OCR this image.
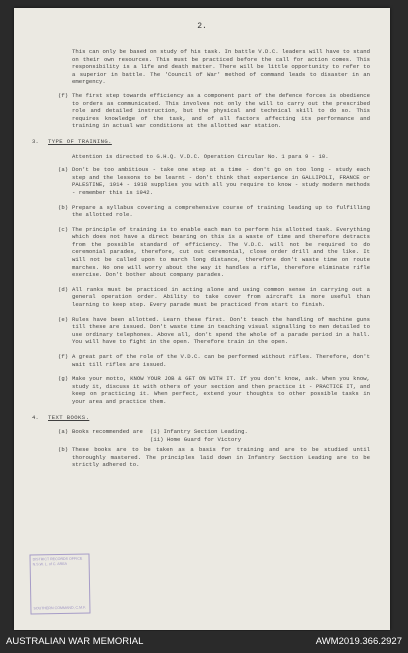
2.
This can only be based on study of his task. In battle V.D.C. leaders will have to stand on their own resources. This must be practiced before the call for action comes. This responsibility is a life and death matter. There will be little opportunity to refer to a superior in battle. The 'Council of War' method of command leads to disaster in an emergency.
(f) The first step towards efficiency as a component part of the defence forces is obedience to orders as communicated. This involves not only the will to carry out the prescribed role and detailed instruction, but the physical and technical skill to do so. This requires knowledge of the task, and of all factors affecting its performance and training in actual war conditions at the allotted war station.
3. TYPE OF TRAINING.
Attention is directed to G.H.Q. V.D.C. Operation Circular No. 1 para 9 - 10.
(a) Don't be too ambitious - take one step at a time - don't go on too long - study each step and the lessons to be learnt - don't think that experience in GALLIPOLI, FRANCE or PALESTINE, 1914 - 1918 supplies you with all you require to know - study modern methods - remember this is 1942.
(b) Prepare a syllabus covering a comprehensive course of training leading up to fulfilling the allotted role.
(c) The principle of training is to enable each man to perform his allotted task. Everything which does not have a direct bearing on this is a waste of time and therefore detracts from the possible standard of efficiency. The V.D.C. will not be required to do ceremonial parades, therefore, cut out ceremonial, close order drill and the like. It will not be called upon to march long distance, therefore don't waste time on route marches. No one will worry about the way it handles a rifle, therefore eliminate rifle exercise. Don't bother about company parades.
(d) All ranks must be practiced in acting alone and using common sense in carrying out a general operation order. Ability to take cover from aircraft is more useful than learning to keep step. Every parade must be practiced from start to finish.
(e) Rules have been allotted. Learn these first. Don't teach the handling of machine guns till these are issued. Don't waste time in teaching visual signalling to men detailed to use ordinary telephones. Above all, don't spend the whole of a parade period in a hall. You will have to fight in the open. Therefore train in the open.
(f) A great part of the role of the V.D.C. can be performed without rifles. Therefore, don't wait till rifles are issued.
(g) Make your motto, KNOW YOUR JOB & GET ON WITH IT. If you don't know, ask. When you know, study it, discuss it with others of your section and then practice it - PRACTICE IT, and keep on practicing it. When perfect, extend your thoughts to other possible tasks in your area and practice them.
4. TEXT BOOKS.
(a) Books recommended are (i) Infantry Section Leading.
(ii) Home Guard for Victory
(b) These books are to be taken as a basis for training and are to be studied until thoroughly mastered. The principles laid down in Infantry Section Leading are to be strictly adhered to.
DISTRICT RECORDS OFFICE
N.S.W. L. of C. AREA

SOUTHERN COMMAND, C.M.F.
AUSTRALIAN WAR MEMORIAL	AWM2019.366.2927
